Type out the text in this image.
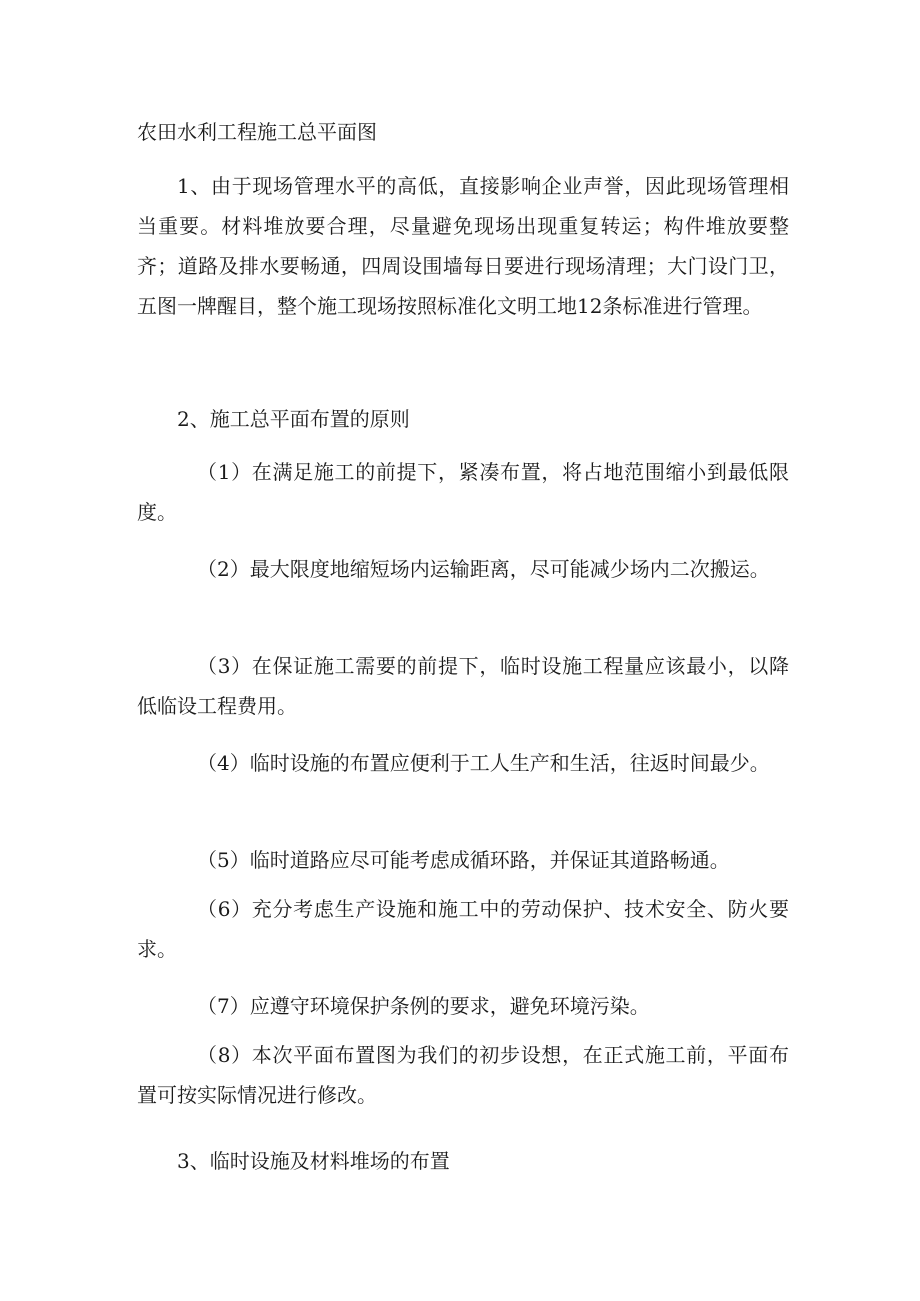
农田水利工程施工总平面图

1、由于现场管理水平的高低，直接影响企业声誉，因此现场管理相当重要。材料堆放要合理，尽量避免现场出现重复转运；构件堆放要整齐；道路及排水要畅通，四周设围墙每日要进行现场清理；大门设门卫，五图一牌醒目，整个施工现场按照标准化文明工地12条标准进行管理。

2、施工总平面布置的原则

（1）在满足施工的前提下，紧凑布置，将占地范围缩小到最低限度。

（2）最大限度地缩短场内运输距离，尽可能减少场内二次搬运。

（3）在保证施工需要的前提下，临时设施工程量应该最小，以降低临设工程费用。

（4）临时设施的布置应便利于工人生产和生活，往返时间最少。

（5）临时道路应尽可能考虑成循环路，并保证其道路畅通。

（6）充分考虑生产设施和施工中的劳动保护、技术安全、防火要求。

（7）应遵守环境保护条例的要求，避免环境污染。

（8）本次平面布置图为我们的初步设想，在正式施工前，平面布置可按实际情况进行修改。

3、临时设施及材料堆场的布置
